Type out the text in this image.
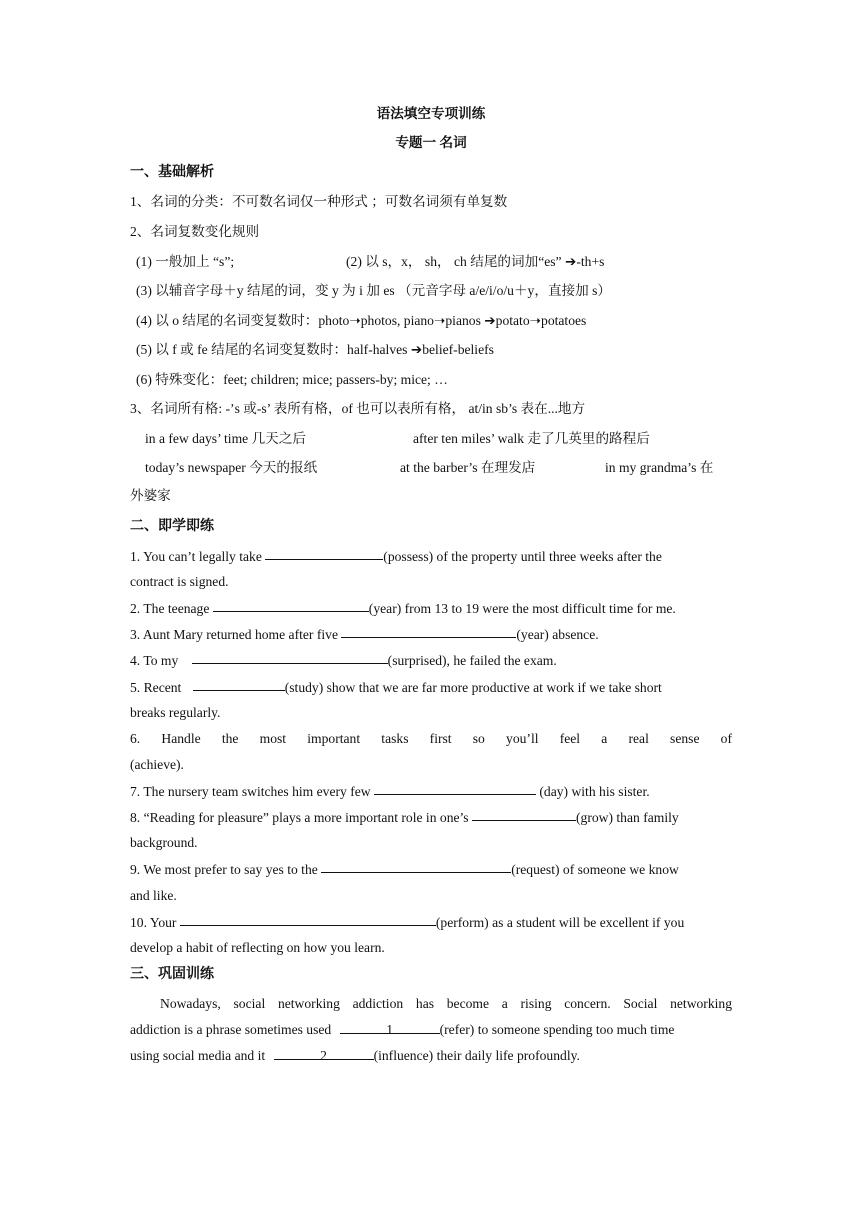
语法填空专项训练
专题一 名词
一、基础解析
1、名词的分类：不可数名词仅一种形式 ；可数名词须有单复数
2、名词复数变化规则
(1) 一般加上 “s”;	(2) 以 s，x， sh， ch 结尾的词加“es” ➔-th+s
(3) 以辅音字母＋y 结尾的词，变 y 为 i 加 es （元音字母 a/e/i/o/u＋y，直接加 s）
(4) 以 o 结尾的名词变复数时：photo➝photos, piano➝pianos ➔potato➝potatoes
(5) 以 f 或 fe 结尾的名词变复数时：half-halves ➔belief-beliefs
(6) 特殊变化：feet; children; mice; passers-by; mice; …
3、名词所有格: -’s 或-s’ 表所有格，of 也可以表所有格， at/in sb’s 表在...地方
in a few days’ time 几天之后	after ten miles’ walk 走了几英里的路程后
today’s newspaper 今天的报纸	at the barber’s 在理发店	in my grandma’s 在
外婆家
二、即学即练
1. You can’t legally take	(possess) of the property until three weeks after the
contract is signed.
2. The teenage	(year) from 13 to 19 were the most difficult time for me.
3. Aunt Mary returned home after five	(year) absence.
4. To my	(surprised), he failed the exam.
5. Recent	(study) show that we are far more productive at work if we take short
breaks regularly.
6. Handle the most important tasks first so you’ll feel a real sense of
(achieve).
7. The nursery team switches him every few	(day) with his sister.
8. “Reading for pleasure” plays a more important role in one’s	(grow) than family
background.
9. We most prefer to say yes to the	(request) of someone we know
and like.
10. Your	(perform) as a student will be excellent if you
develop a habit of reflecting on how you learn.
三、巩固训练
Nowadays, social networking addiction has become a rising concern. Social networking
addiction is a phrase sometimes used	1	(refer) to someone spending too much time
using social media and it	2	(influence) their daily life profoundly.
